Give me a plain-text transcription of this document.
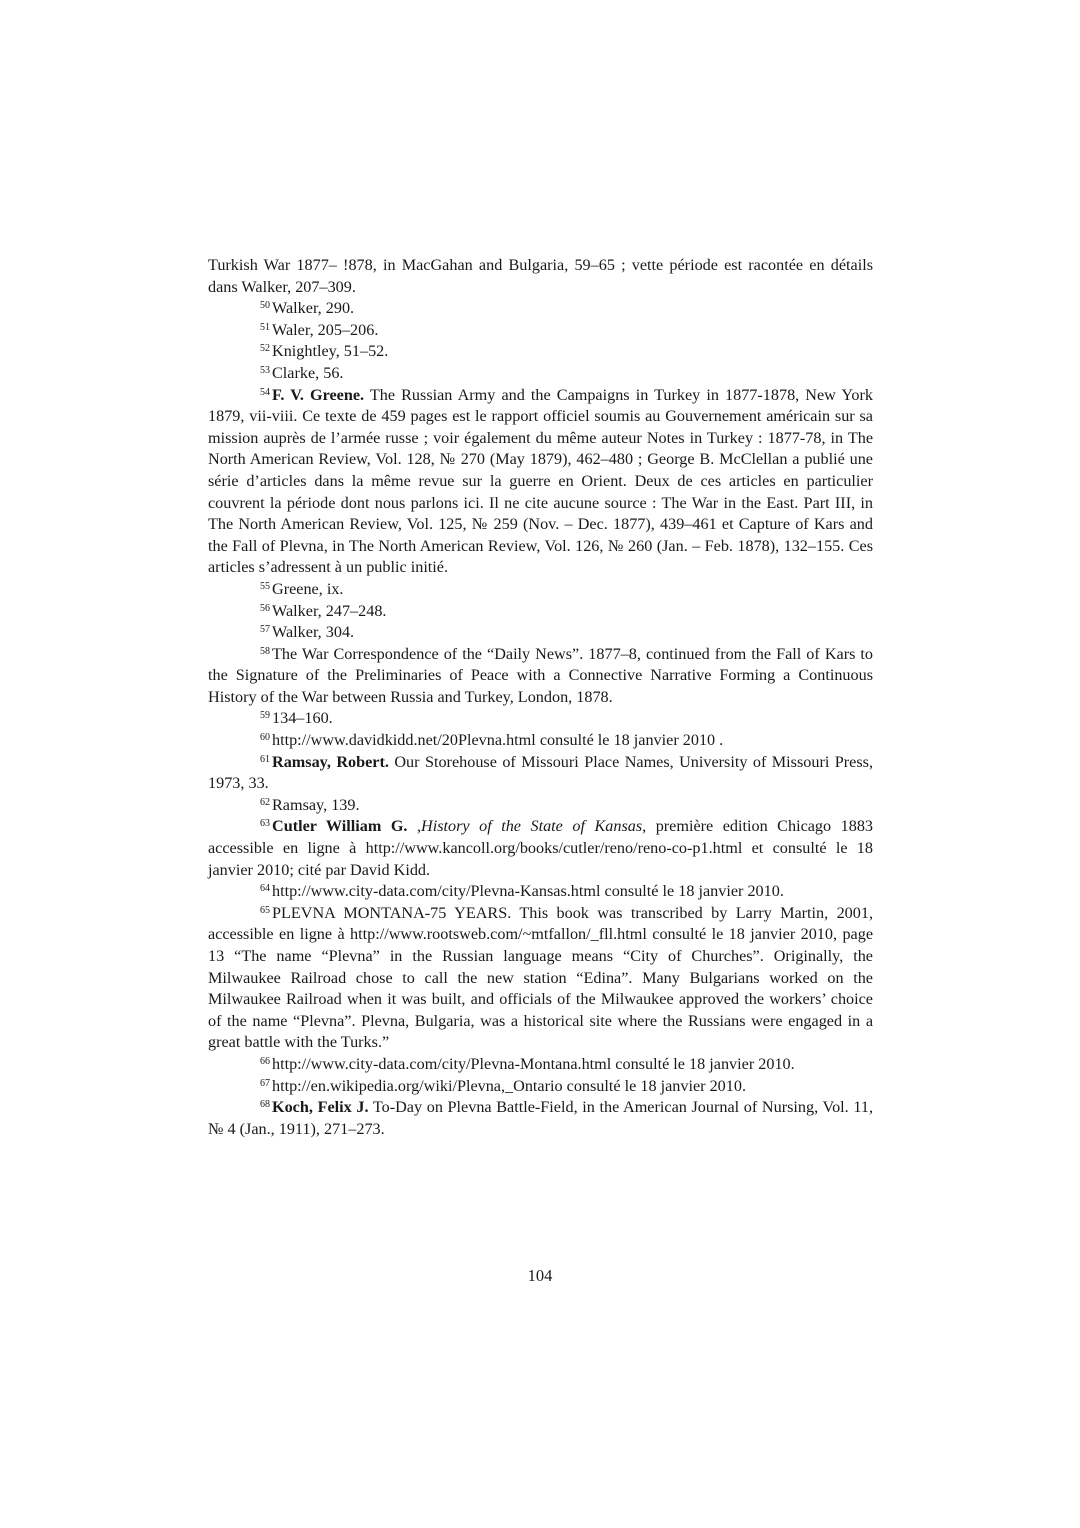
Turkish War 1877– !878, in MacGahan and Bulgaria, 59–65 ; vette période est racontée en détails dans Walker, 207–309.

$^{50}$ Walker, 290.

$^{51}$ Waler, 205–206.

$^{52}$ Knightley, 51–52.

$^{53}$ Clarke, 56.

$^{54}$ F. V. Greene. The Russian Army and the Campaigns in Turkey in 1877-1878, New York 1879, vii-viii. Ce texte de 459 pages est le rapport officiel soumis au Gouvernement américain sur sa mission auprès de l’armée russe ; voir également du même auteur Notes in Turkey : 1877-78, in The North American Review, Vol. 128, № 270 (May 1879), 462–480 ; George B. McClellan a publié une série d’articles dans la même revue sur la guerre en Orient. Deux de ces articles en particulier couvrent la période dont nous parlons ici. Il ne cite aucune source : The War in the East. Part III, in The North American Review, Vol. 125, № 259 (Nov. – Dec. 1877), 439–461 et Capture of Kars and the Fall of Plevna, in The North American Review, Vol. 126, № 260 (Jan. – Feb. 1878), 132–155. Ces articles s’adressent à un public initié.

$^{55}$ Greene, ix.

$^{56}$ Walker, 247–248.

$^{57}$ Walker, 304.

$^{58}$ The War Correspondence of the “Daily News”. 1877–8, continued from the Fall of Kars to the Signature of the Preliminaries of Peace with a Connective Narrative Forming a Continuous History of the War between Russia and Turkey, London, 1878.

$^{59}$ 134–160.

$^{60}$ http://www.davidkidd.net/20Plevna.html consulté le 18 janvier 2010 .

$^{61}$ Ramsay, Robert. Our Storehouse of Missouri Place Names, University of Missouri Press, 1973, 33.

$^{62}$ Ramsay, 139.

$^{63}$ Cutler William G. ,History of the State of Kansas, première edition Chicago 1883 accessible en ligne à http://www.kancoll.org/books/cutler/reno/reno-co-p1.html et consulté le 18 janvier 2010; cité par David Kidd.

$^{64}$ http://www.city-data.com/city/Plevna-Kansas.html consulté le 18 janvier 2010.

$^{65}$ PLEVNA MONTANA-75 YEARS. This book was transcribed by Larry Martin, 2001, accessible en ligne à http://www.rootsweb.com/~mtfallon/_fll.html consulté le 18 janvier 2010, page 13 “The name “Plevna” in the Russian language means “City of Churches”. Originally, the Milwaukee Railroad chose to call the new station “Edina”. Many Bulgarians worked on the Milwaukee Railroad when it was built, and officials of the Milwaukee approved the workers’ choice of the name “Plevna”. Plevna, Bulgaria, was a historical site where the Russians were engaged in a great battle with the Turks.”

$^{66}$ http://www.city-data.com/city/Plevna-Montana.html consulté le 18 janvier 2010.

$^{67}$ http://en.wikipedia.org/wiki/Plevna,_Ontario consulté le 18 janvier 2010.

$^{68}$ Koch, Felix J. To-Day on Plevna Battle-Field, in the American Journal of Nursing, Vol. 11, № 4 (Jan., 1911), 271–273.

104
